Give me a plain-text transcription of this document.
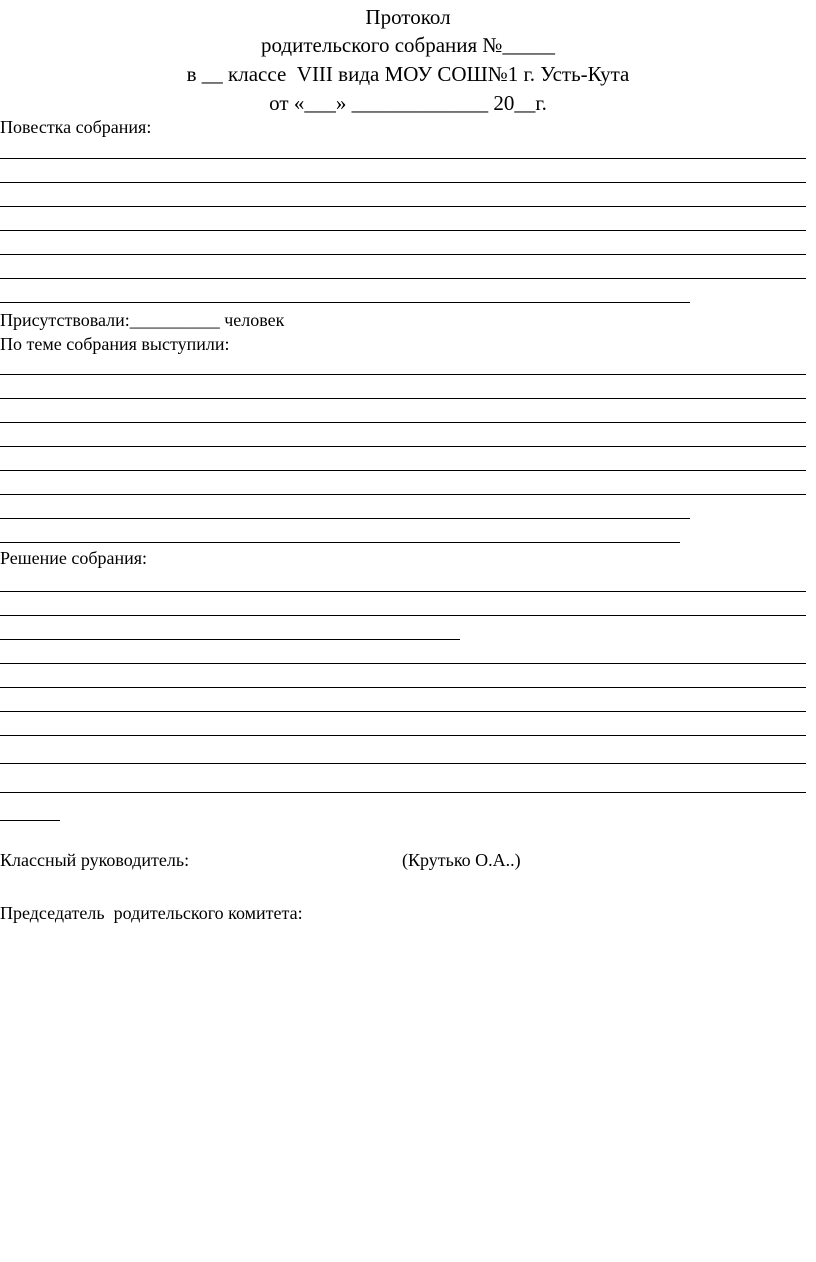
Протокол
родительского собрания №_____
в __ классе  VIII вида МОУ СОШ№1 г. Усть-Кута
от «___» _____________ 20__г.
Повестка собрания:
Присутствовали:__________ человек
По теме собрания выступили:
Решение собрания:
Классный руководитель:	(Крутько О.А..)
Председатель  родительского комитета:
